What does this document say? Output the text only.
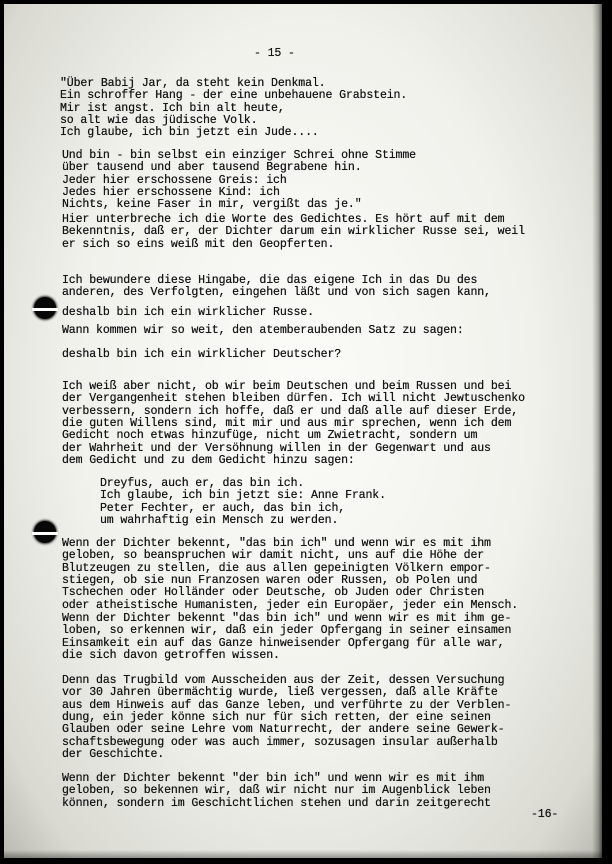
- 15 -
"Über Babij Jar, da steht kein Denkmal.
Ein schroffer Hang - der eine unbehauene Grabstein.
Mir ist angst. Ich bin alt heute,
so alt wie das jüdische Volk.
Ich glaube, ich bin jetzt ein Jude....
Und bin - bin selbst ein einziger Schrei ohne Stimme
über tausend und aber tausend Begrabene hin.
Jeder hier erschossene Greis: ich
Jedes hier erschossene Kind: ich
Nichts, keine Faser in mir, vergißt das je."
Hier unterbreche ich die Worte des Gedichtes. Es hört auf mit dem
Bekenntnis, daß er, der Dichter darum ein wirklicher Russe sei, weil
er sich so eins weiß mit den Geopferten.
Ich bewundere diese Hingabe, die das eigene Ich in das Du des
anderen, des Verfolgten, eingehen läßt und von sich sagen kann,
deshalb bin ich ein wirklicher Russe.
Wann kommen wir so weit, den atemberaubenden Satz zu sagen:
deshalb bin ich ein wirklicher Deutscher?
Ich weiß aber nicht, ob wir beim Deutschen und beim Russen und bei
der Vergangenheit stehen bleiben dürfen. Ich will nicht Jewtuschenko
verbessern, sondern ich hoffe, daß er und daß alle auf dieser Erde,
die guten Willens sind, mit mir und aus mir sprechen, wenn ich dem
Gedicht noch etwas hinzufüge, nicht um Zwietracht, sondern um
der Wahrheit und der Versöhnung willen in der Gegenwart und aus
dem Gedicht und zu dem Gedicht hinzu sagen:
Dreyfus, auch er, das bin ich.
Ich glaube, ich bin jetzt sie: Anne Frank.
Peter Fechter, er auch, das bin ich,
um wahrhaftig ein Mensch zu werden.
Wenn der Dichter bekennt, "das bin ich" und wenn wir es mit ihm
geloben, so beanspruchen wir damit nicht, uns auf die Höhe der
Blutzeugen zu stellen, die aus allen gepeinigten Völkern empor-
stiegen, ob sie nun Franzosen waren oder Russen, ob Polen und
Tschechen oder Holländer oder Deutsche, ob Juden oder Christen
oder atheistische Humanisten, jeder ein Europäer, jeder ein Mensch.
Wenn der Dichter bekennt "das bin ich" und wenn wir es mit ihm ge-
loben, so erkennen wir, daß ein jeder Opfergang in seiner einsamen
Einsamkeit ein auf das Ganze hinweisender Opfergang für alle war,
die sich davon getroffen wissen.
Denn das Trugbild vom Ausscheiden aus der Zeit, dessen Versuchung
vor 30 Jahren übermächtig wurde, ließ vergessen, daß alle Kräfte
aus dem Hinweis auf das Ganze leben, und verführte zu der Verblen-
dung, ein jeder könne sich nur für sich retten, der eine seinen
Glauben oder seine Lehre vom Naturrecht, der andere seine Gewerk-
schaftsbewegung oder was auch immer, sozusagen insular außerhalb
der Geschichte.
Wenn der Dichter bekennt "der bin ich" und wenn wir es mit ihm
geloben, so bekennen wir, daß wir nicht nur im Augenblick leben
können, sondern im Geschichtlichen stehen und darin zeitgerecht
-16-
